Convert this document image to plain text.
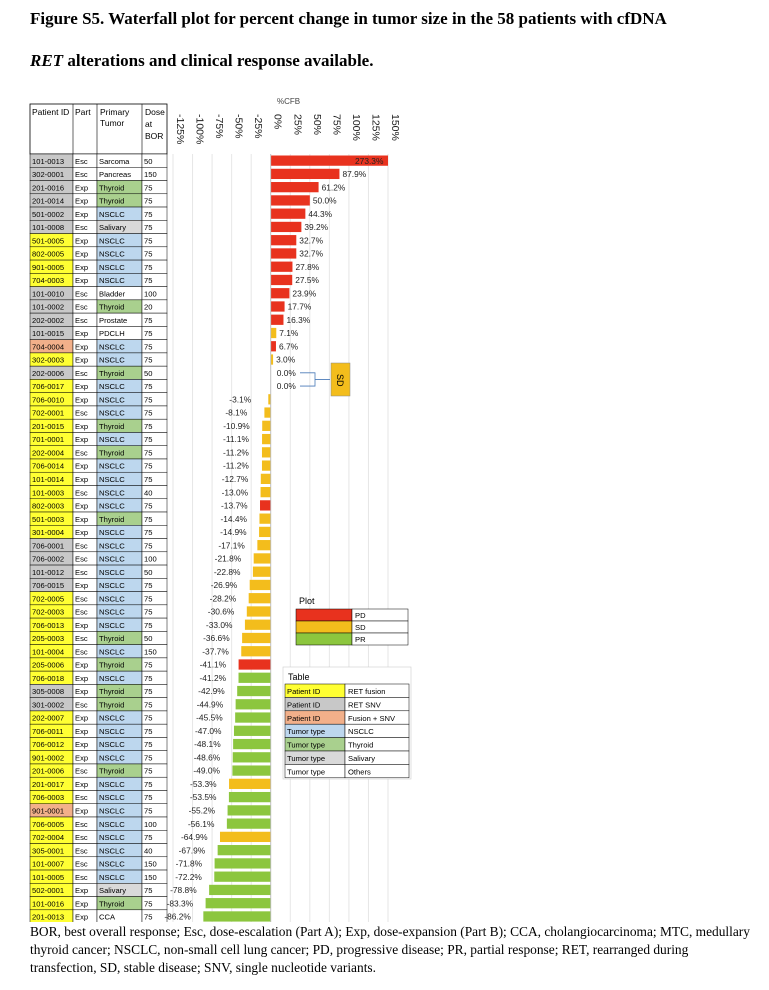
Figure S5. Waterfall plot for percent change in tumor size in the 58 patients with cfDNA
RET alterations and clinical response available.
Patient ID Part Primary
Tumor
Dose
at
BOR
%CFB
-125% -100% -75% -50% -25% 0% 25% 50% 75% 100% 125% 150%
101-0013 Esc Sarcoma 50	273.3%
302-0001 Esc Pancreas 150	87.9%
201-0016 Exp Thyroid	75	61.2%
201-0014 Exp Thyroid	75	50.0%
501-0002 Exp NSCLC	75	44.3%
101-0008 Esc Salivary 75	39.2%
501-0005 Exp NSCLC	75	32.7%
802-0005 Exp NSCLC	75	32.7%
901-0005 Exp NSCLC	75	27.8%
704-0003 Exp NSCLC	75	27.5%
101-0010 Esc Bladder 100	23.9%
101-0002 Esc Thyroid	20	17.7%
202-0002 Esc Prostate 75	16.3%
101-0015 Exp PDCLH	75	7.1%
704-0004 Exp NSCLC	75	6.7%
302-0003 Exp NSCLC	75	3.0%
202-0006 Esc Thyroid	50	0.0%
706-0017 Exp NSCLC	75	0.0%
706-0010 Exp NSCLC	75	-3.1%
702-0001 Esc NSCLC	75	-8.1%
201-0015 Exp Thyroid	75	-10.9%
701-0001 Exp NSCLC	75	-11.1%
202-0004 Esc Thyroid	75	-11.2%
706-0014 Exp NSCLC	75	-11.2%
101-0014 Exp NSCLC	75	-12.7%
101-0003 Esc NSCLC	40	-13.0%
802-0003 Exp NSCLC	75	-13.7%
501-0003 Exp Thyroid	75	-14.4%
301-0004 Exp NSCLC	75	-14.9%
706-0001 Esc NSCLC	75	-17.1%
706-0002 Esc NSCLC	100	-21.8%
101-0012 Esc NSCLC	50	-22.8%
706-0015 Exp NSCLC	75	-26.9%
702-0005 Esc NSCLC	75	-28.2%
702-0003 Esc NSCLC	75	-30.6%
706-0013 Exp NSCLC	75	-33.0%
205-0003 Esc Thyroid	50	-36.6%
101-0004 Esc NSCLC	150	-37.7%
205-0006 Exp Thyroid	75	-41.1%
706-0018 Exp NSCLC	75	-41.2%
305-0008 Exp Thyroid	75	-42.9%
301-0002 Esc Thyroid	75	-44.9%
202-0007 Exp NSCLC	75	-45.5%
706-0011 Exp NSCLC	75	-47.0%
706-0012 Exp NSCLC	75	-48.1%
901-0002 Exp NSCLC	75	-48.6%
201-0006 Esc Thyroid	75	-49.0%
201-0017 Exp NSCLC	75	-53.3%
706-0003 Esc NSCLC	75	-53.5%
901-0001 Exp NSCLC	75	-55.2%
706-0005 Esc NSCLC	100	-56.1%
702-0004 Esc NSCLC	75	-64.9%
305-0001 Esc NSCLC	40	-67.9%
101-0007 Esc NSCLC	150 -71.8%
101-0005 Esc NSCLC	150 -72.2%
502-0001 Exp Salivary 75 -78.8%
101-0016 Exp Thyroid	75 -83.3%
201-0013 Exp CCA	75 -86.2%
SD
Plot
PD
SD
PR
Table
Patient ID	RET fusion
Patient ID	RET SNV
Patient ID	Fusion + SNV
Tumor type	NSCLC
Tumor type	Thyroid
Tumor type	Salivary
Tumor type	Others
BOR, best overall response; Esc, dose-escalation (Part A); Exp, dose-expansion (Part B); CCA, cholangiocarcinoma; MTC, medullary thyroid cancer; NSCLC, non-small cell lung cancer; PD, progressive disease; PR, partial response; RET, rearranged during transfection, SD, stable disease; SNV, single nucleotide variants.
